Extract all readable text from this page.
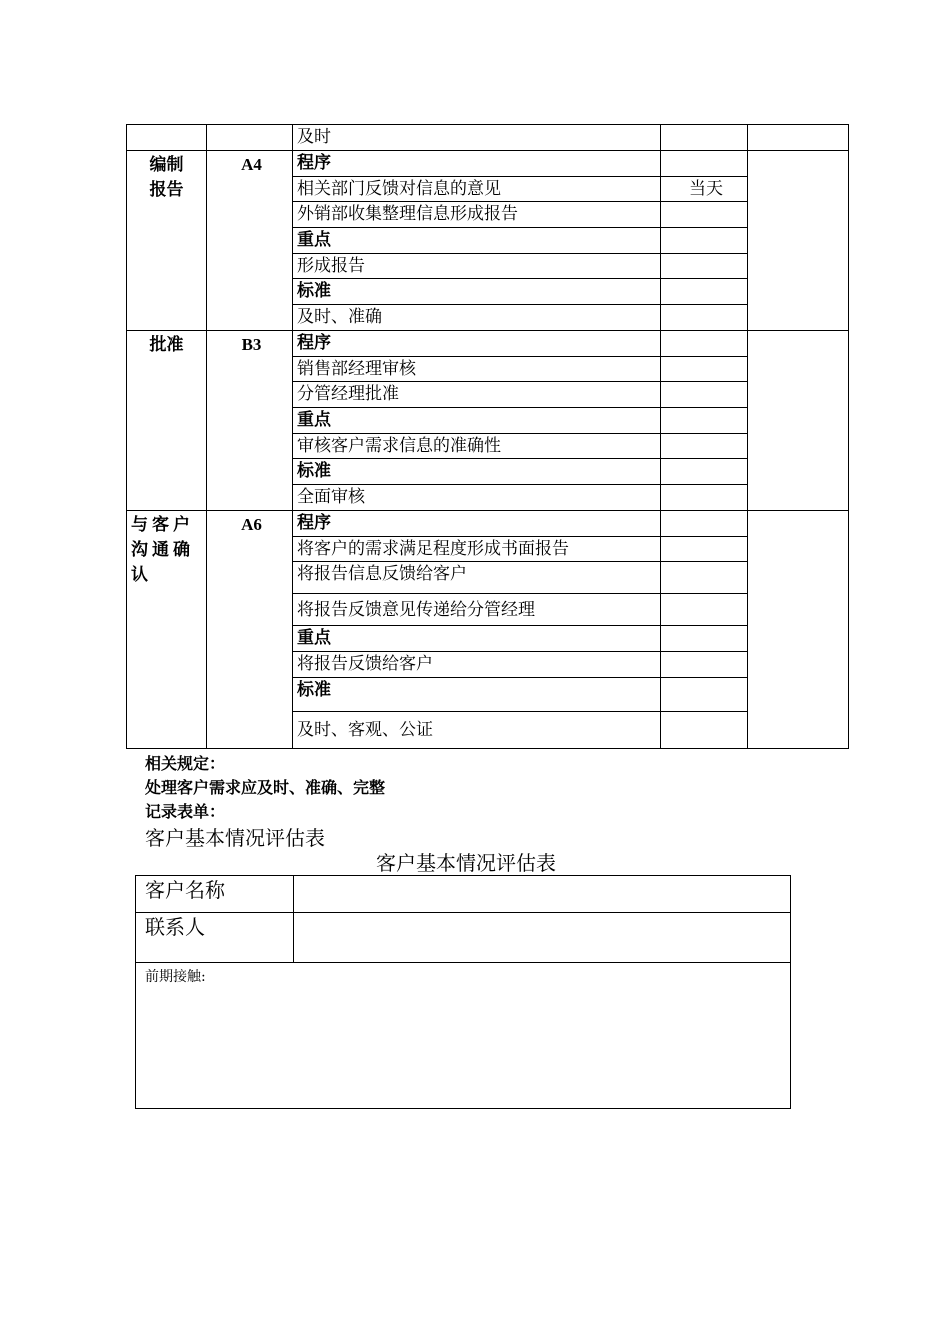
		及时		
编制报告	A4	程序		
		相关部门反馈对信息的意见	当天	
		外销部收集整理信息形成报告		
		重点		
		形成报告		
		标准		
		及时、准确		
批准	B3	程序		
		销售部经理审核		
		分管经理批准		
		重点		
		审核客户需求信息的准确性		
		标准		
		全面审核		

与客户沟通确认	A6	程序		
		将客户的需求满足程度形成书面报告		
		将报告信息反馈给客户		
		将报告反馈意见传递给分管经理		
		重点		
		将报告反馈给客户		
		标准		
		及时、客观、公证		
相关规定：
处理客户需求应及时、准确、完整
记录表单：
客户基本情况评估表
客户基本情况评估表
客户名称	
联系人	
前期接触:	
